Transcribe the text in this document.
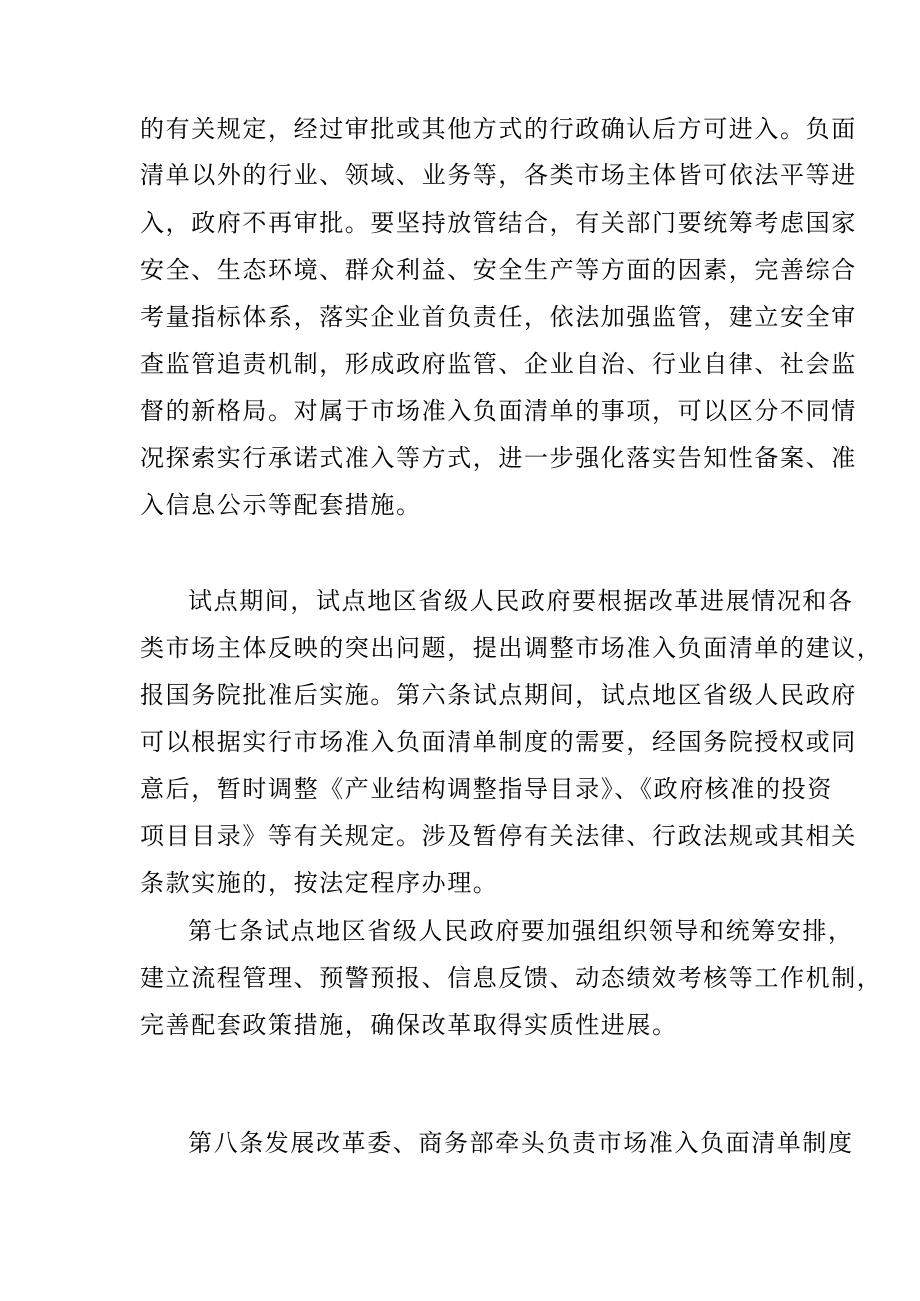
的有关规定，经过审批或其他方式的行政确认后方可进入。负面
清单以外的行业、领域、业务等，各类市场主体皆可依法平等进
入，政府不再审批。要坚持放管结合，有关部门要统筹考虑国家
安全、生态环境、群众利益、安全生产等方面的因素，完善综合
考量指标体系，落实企业首负责任，依法加强监管，建立安全审
查监管追责机制，形成政府监管、企业自治、行业自律、社会监
督的新格局。对属于市场准入负面清单的事项，可以区分不同情
况探索实行承诺式准入等方式，进一步强化落实告知性备案、准
入信息公示等配套措施。
试点期间，试点地区省级人民政府要根据改革进展情况和各
类市场主体反映的突出问题，提出调整市场准入负面清单的建议，
报国务院批准后实施。第六条试点期间，试点地区省级人民政府
可以根据实行市场准入负面清单制度的需要，经国务院授权或同
意后，暂时调整《产业结构调整指导目录》、《政府核准的投资
项目目录》等有关规定。涉及暂停有关法律、行政法规或其相关
条款实施的，按法定程序办理。
第七条试点地区省级人民政府要加强组织领导和统筹安排，
建立流程管理、预警预报、信息反馈、动态绩效考核等工作机制，
完善配套政策措施，确保改革取得实质性进展。
第八条发展改革委、商务部牵头负责市场准入负面清单制度
